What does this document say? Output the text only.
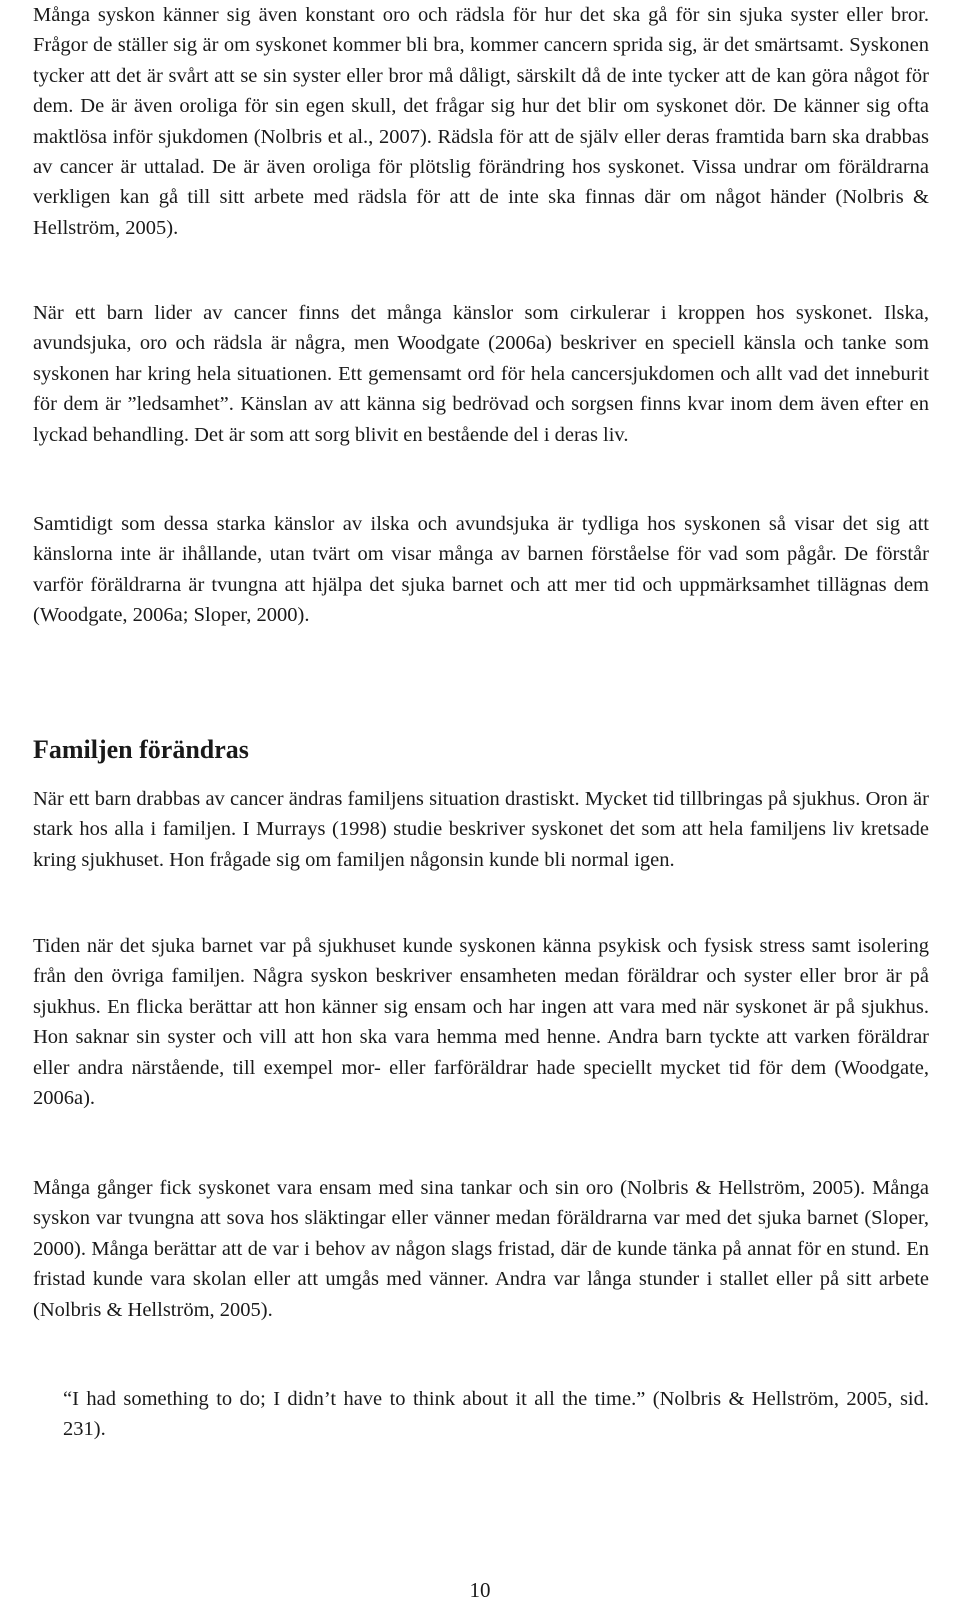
Många syskon känner sig även konstant oro och rädsla för hur det ska gå för sin sjuka syster eller bror. Frågor de ställer sig är om syskonet kommer bli bra, kommer cancern sprida sig, är det smärtsamt. Syskonen tycker att det är svårt att se sin syster eller bror må dåligt, särskilt då de inte tycker att de kan göra något för dem. De är även oroliga för sin egen skull, det frågar sig hur det blir om syskonet dör. De känner sig ofta maktlösa inför sjukdomen (Nolbris et al., 2007). Rädsla för att de själv eller deras framtida barn ska drabbas av cancer är uttalad. De är även oroliga för plötslig förändring hos syskonet. Vissa undrar om föräldrarna verkligen kan gå till sitt arbete med rädsla för att de inte ska finnas där om något händer (Nolbris & Hellström, 2005).
När ett barn lider av cancer finns det många känslor som cirkulerar i kroppen hos syskonet. Ilska, avundsjuka, oro och rädsla är några, men Woodgate (2006a) beskriver en speciell känsla och tanke som syskonen har kring hela situationen. Ett gemensamt ord för hela cancersjukdomen och allt vad det inneburit för dem är ”ledsamhet”. Känslan av att känna sig bedrövad och sorgsen finns kvar inom dem även efter en lyckad behandling. Det är som att sorg blivit en bestående del i deras liv.
Samtidigt som dessa starka känslor av ilska och avundsjuka är tydliga hos syskonen så visar det sig att känslorna inte är ihållande, utan tvärt om visar många av barnen förståelse för vad som pågår. De förstår varför föräldrarna är tvungna att hjälpa det sjuka barnet och att mer tid och uppmärksamhet tillägnas dem (Woodgate, 2006a; Sloper, 2000).
Familjen förändras
När ett barn drabbas av cancer ändras familjens situation drastiskt. Mycket tid tillbringas på sjukhus. Oron är stark hos alla i familjen. I Murrays (1998) studie beskriver syskonet det som att hela familjens liv kretsade kring sjukhuset. Hon frågade sig om familjen någonsin kunde bli normal igen.
Tiden när det sjuka barnet var på sjukhuset kunde syskonen känna psykisk och fysisk stress samt isolering från den övriga familjen. Några syskon beskriver ensamheten medan föräldrar och syster eller bror är på sjukhus. En flicka berättar att hon känner sig ensam och har ingen att vara med när syskonet är på sjukhus. Hon saknar sin syster och vill att hon ska vara hemma med henne. Andra barn tyckte att varken föräldrar eller andra närstående, till exempel mor- eller farföräldrar hade speciellt mycket tid för dem (Woodgate, 2006a).
Många gånger fick syskonet vara ensam med sina tankar och sin oro (Nolbris & Hellström, 2005). Många syskon var tvungna att sova hos släktingar eller vänner medan föräldrarna var med det sjuka barnet (Sloper, 2000). Många berättar att de var i behov av någon slags fristad, där de kunde tänka på annat för en stund. En fristad kunde vara skolan eller att umgås med vänner. Andra var långa stunder i stallet eller på sitt arbete (Nolbris & Hellström, 2005).
“I had something to do; I didn’t have to think about it all the time.” (Nolbris & Hellström, 2005, sid. 231).
10
